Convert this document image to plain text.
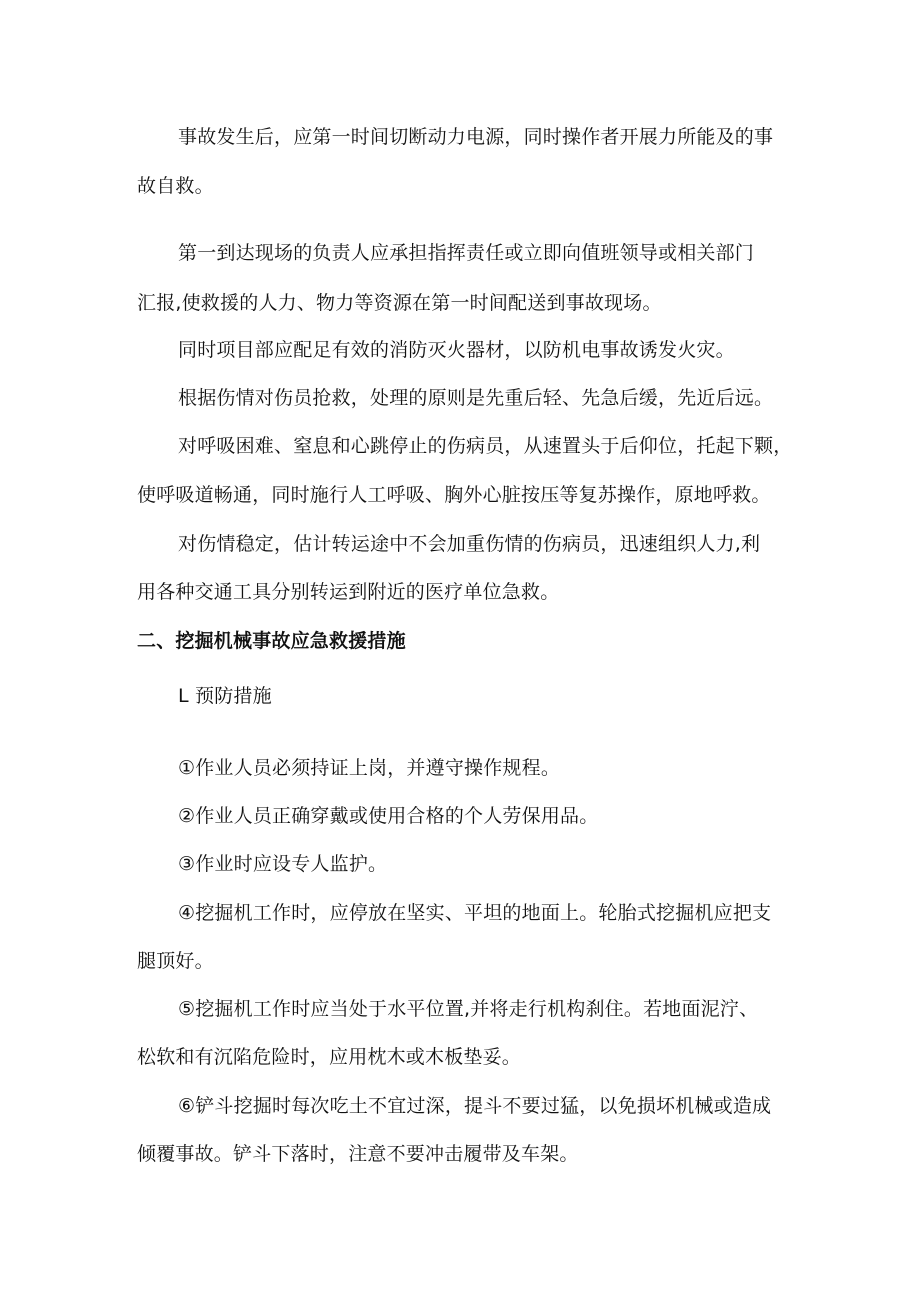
事故发生后，应第一时间切断动力电源，同时操作者开展力所能及的事
故自救。
第一到达现场的负责人应承担指挥责任或立即向值班领导或相关部门
汇报,使救援的人力、物力等资源在第一时间配送到事故现场。
同时项目部应配足有效的消防灭火器材，以防机电事故诱发火灾。
根据伤情对伤员抢救，处理的原则是先重后轻、先急后缓，先近后远。
对呼吸困难、窒息和心跳停止的伤病员，从速置头于后仰位，托起下颗，
使呼吸道畅通，同时施行人工呼吸、胸外心脏按压等复苏操作，原地呼救。
对伤情稳定，估计转运途中不会加重伤情的伤病员，迅速组织人力,利
用各种交通工具分别转运到附近的医疗单位急救。
二、挖掘机械事故应急救援措施
L 预防措施
①作业人员必须持证上岗，并遵守操作规程。
②作业人员正确穿戴或使用合格的个人劳保用品。
③作业时应设专人监护。
④挖掘机工作时，应停放在坚实、平坦的地面上。轮胎式挖掘机应把支
腿顶好。
⑤挖掘机工作时应当处于水平位置,并将走行机构刹住。若地面泥泞、
松软和有沉陷危险时，应用枕木或木板垫妥。
⑥铲斗挖掘时每次吃土不宜过深，提斗不要过猛，以免损坏机械或造成
倾覆事故。铲斗下落时，注意不要冲击履带及车架。
